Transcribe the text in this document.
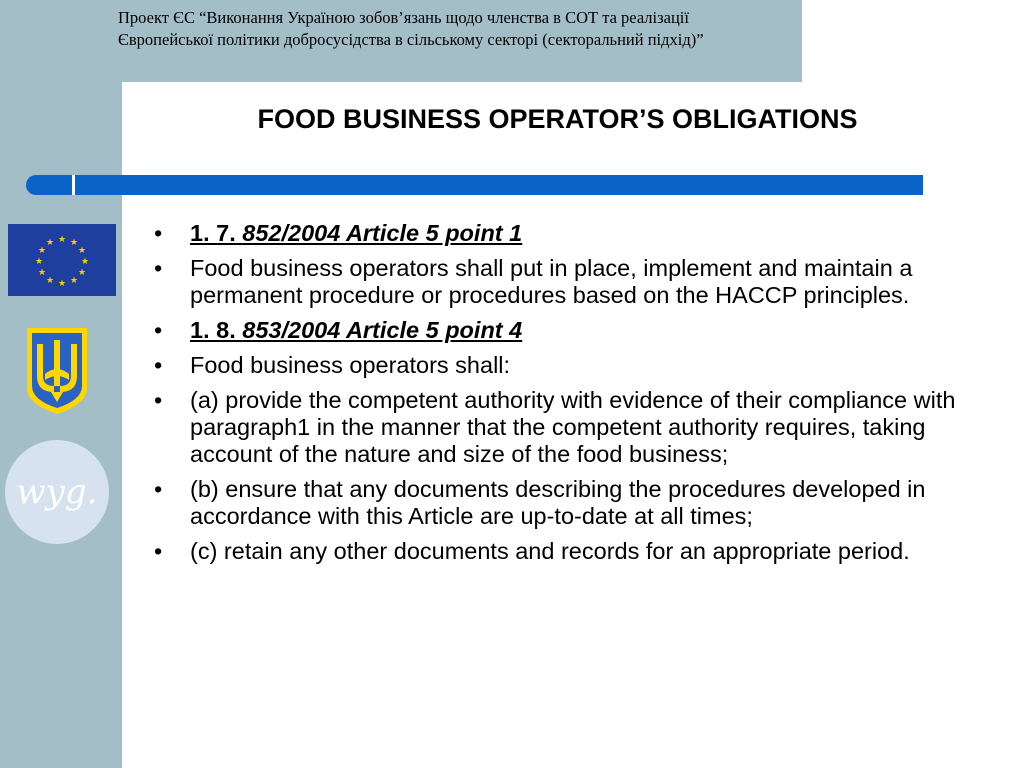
Проект ЄС “Виконання Україною зобов’язань щодо членства в СОТ та реалізації Європейської політики добросусідства в сільському секторі (секторальний підхід)”

FOOD BUSINESS OPERATOR’S OBLIGATIONS
★ ★
★
★
★
★
★
★
★
★
★
★
wyg.
• 1. 7. 852/2004 Article 5 point 1
• Food business operators shall put in place, implement and maintain a permanent procedure or procedures based on the HACCP principles.
• 1. 8. 853/2004 Article 5 point 4
• Food business operators shall:
• (a) provide the competent authority with evidence of their compliance with paragraph1 in the manner that the competent authority requires, taking account of the nature and size of the food business;
• (b) ensure that any documents describing the procedures developed in accordance with this Article are up-to-date at all times;
• (c) retain any other documents and records for an appropriate period.
